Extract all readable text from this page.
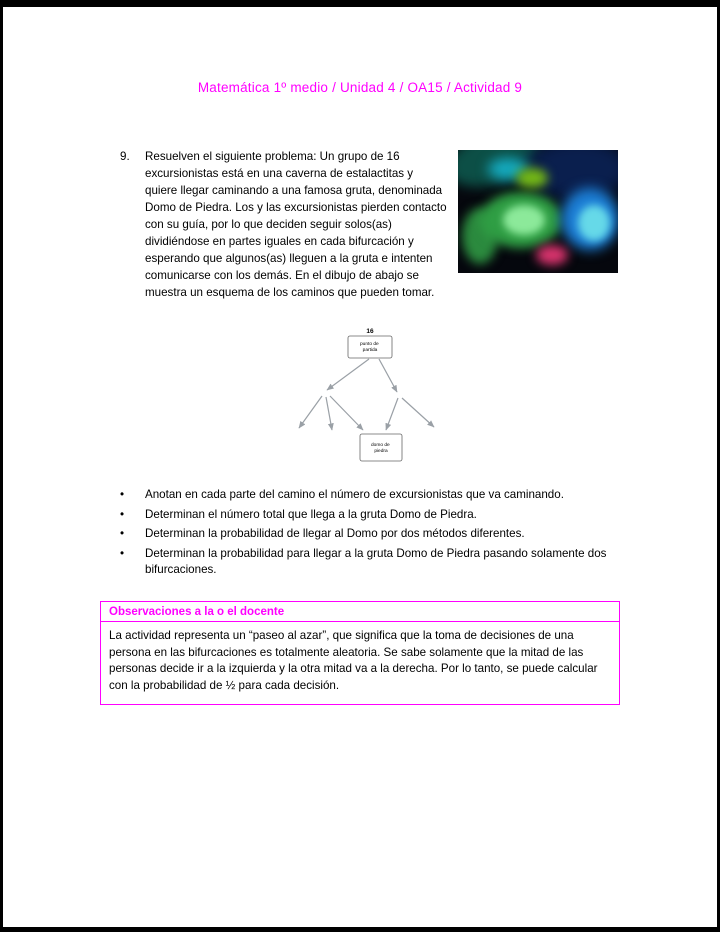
Matemática 1º medio / Unidad 4 / OA15 / Actividad 9
9.	Resuelven el siguiente problema: Un grupo de 16 excursionistas está en una caverna de estalactitas y quiere llegar caminando a una famosa gruta, denominada Domo de Piedra. Los y las excursionistas pierden contacto con su guía, por lo que deciden seguir solos(as) dividiéndose en partes iguales en cada bifurcación y esperando que algunos(as) lleguen a la gruta e intenten comunicarse con los demás. En el dibujo de abajo se muestra un esquema de los caminos que pueden tomar.
16
punto de partida
domo de piedra
•
Anotan en cada parte del camino el número de excursionistas que va caminando.
•
Determinan el número total que llega a la gruta Domo de Piedra.
•
Determinan la probabilidad de llegar al Domo por dos métodos diferentes.
•
Determinan la probabilidad para llegar a la gruta Domo de Piedra pasando solamente dos bifurcaciones.
Observaciones a la o el docente
La actividad representa un “paseo al azar”, que significa que la toma de decisiones de una persona en las bifurcaciones es totalmente aleatoria. Se sabe solamente que la mitad de las personas decide ir a la izquierda y la otra mitad va a la derecha. Por lo tanto, se puede calcular con la probabilidad de ½ para cada decisión.
